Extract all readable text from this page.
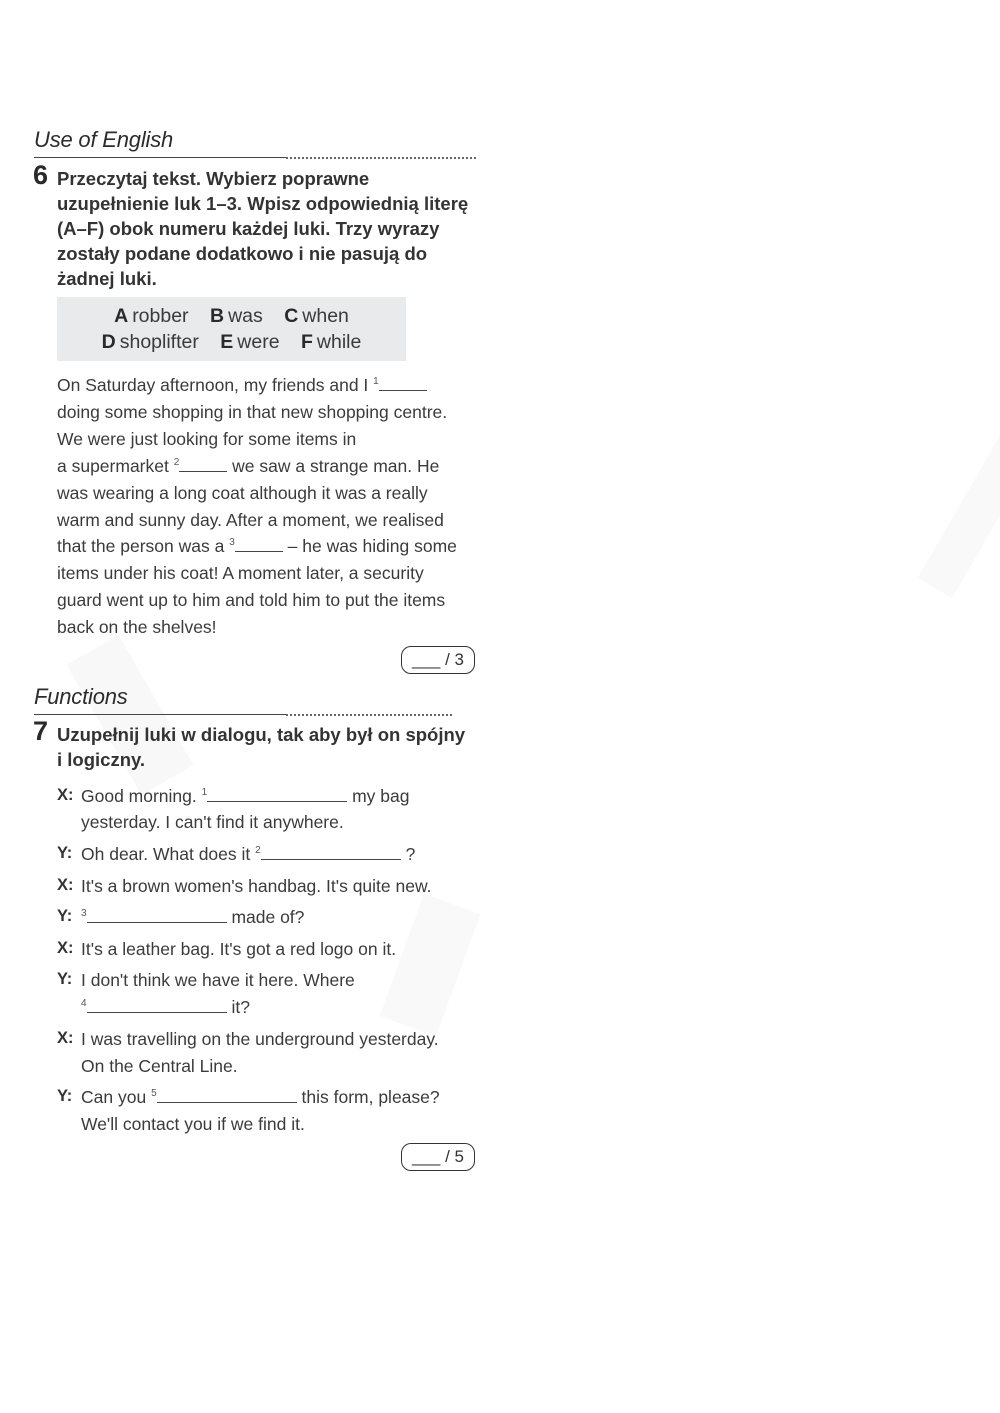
Use of English
6 Przeczytaj tekst. Wybierz poprawne
uzupełnienie luk 1–3. Wpisz odpowiednią literę
(A–F) obok numeru każdej luki. Trzy wyrazy
zostały podane dodatkowo i nie pasują do
żadnej luki.
A robber B was C when
D shoplifter E were F while
On Saturday afternoon, my friends and I $^1$
doing some shopping in that new shopping centre.
We were just looking for some items in
a supermarket $^2$	we saw a strange man. He
was wearing a long coat although it was a really
warm and sunny day. After a moment, we realised
that the person was a $^3$	– he was hiding some
items under his coat! A moment later, a security
guard went up to him and told him to put the items
back on the shelves!
___ / 3
Functions
7 Uzupełnij luki w dialogu, tak aby był on spójny
i logiczny.
X: Good morning. $^1$	my bag
yesterday. I can't find it anywhere.
Y: Oh dear. What does it $^2$	?
X: It's a brown women's handbag. It's quite new.
Y: $^3$	made of?
X: It's a leather bag. It's got a red logo on it.
Y: I don't think we have it here. Where
$^4$	it?
X: I was travelling on the underground yesterday.
On the Central Line.
Y: Can you $^5$	this form, please?
We'll contact you if we find it.
___ / 5
